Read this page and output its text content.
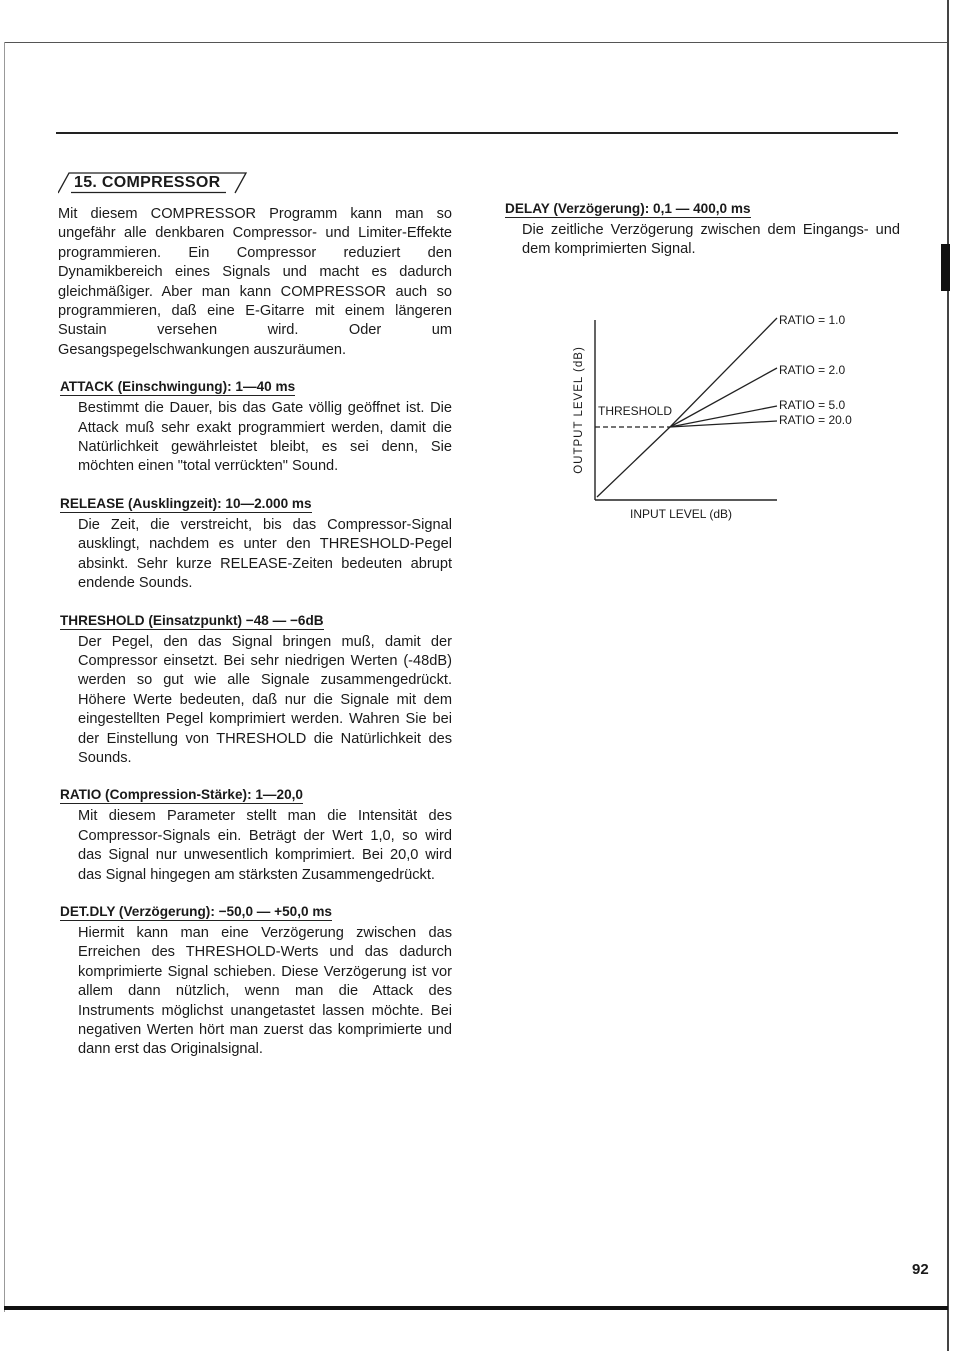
15. COMPRESSOR

Mit diesem COMPRESSOR Programm kann man so ungefähr alle denkbaren Compressor- und Limiter-Effekte programmieren. Ein Compressor reduziert den Dynamikbereich eines Signals und macht es dadurch gleichmäßiger. Aber man kann COMPRESSOR auch so programmieren, daß eine E-Gitarre mit einem längeren Sustain versehen wird. Oder um Gesangspegelschwankungen auszuräumen.

ATTACK (Einschwingung): 1—40 ms

Bestimmt die Dauer, bis das Gate völlig geöffnet ist. Die Attack muß sehr exakt programmiert werden, damit die Natürlichkeit gewährleistet bleibt, es sei denn, Sie möchten einen "total verrückten" Sound.

RELEASE (Ausklingzeit): 10—2.000 ms

Die Zeit, die verstreicht, bis das Compressor-Signal ausklingt, nachdem es unter den THRESHOLD-Pegel absinkt. Sehr kurze RELEASE-Zeiten bedeuten abrupt endende Sounds.

THRESHOLD (Einsatzpunkt) −48 — −6dB

Der Pegel, den das Signal bringen muß, damit der Compressor einsetzt. Bei sehr niedrigen Werten (-48dB) werden so gut wie alle Signale zusammengedrückt. Höhere Werte bedeuten, daß nur die Signale mit dem eingestellten Pegel komprimiert werden. Wahren Sie bei der Einstellung von THRESHOLD die Natürlichkeit des Sounds.

RATIO (Compression-Stärke): 1—20,0

Mit diesem Parameter stellt man die Intensität des Compressor-Signals ein. Beträgt der Wert 1,0, so wird das Signal nur unwesentlich komprimiert. Bei 20,0 wird das Signal hingegen am stärksten Zusammengedrückt.

DET.DLY (Verzögerung): −50,0 — +50,0 ms

Hiermit kann man eine Verzögerung zwischen das Erreichen des THRESHOLD-Werts und das dadurch komprimierte Signal schieben. Diese Verzögerung ist vor allem dann nützlich, wenn man die Attack des Instruments möglichst unangetastet lassen möchte. Bei negativen Werten hört man zuerst das komprimierte und dann erst das Originalsignal.

DELAY (Verzögerung): 0,1 — 400,0 ms

Die zeitliche Verzögerung zwischen dem Eingangs- und dem komprimierten Signal.

OUTPUT LEVEL (dB)
INPUT LEVEL (dB)
THRESHOLD
RATIO = 1.0
RATIO = 2.0
RATIO = 5.0
RATIO = 20.0
92
